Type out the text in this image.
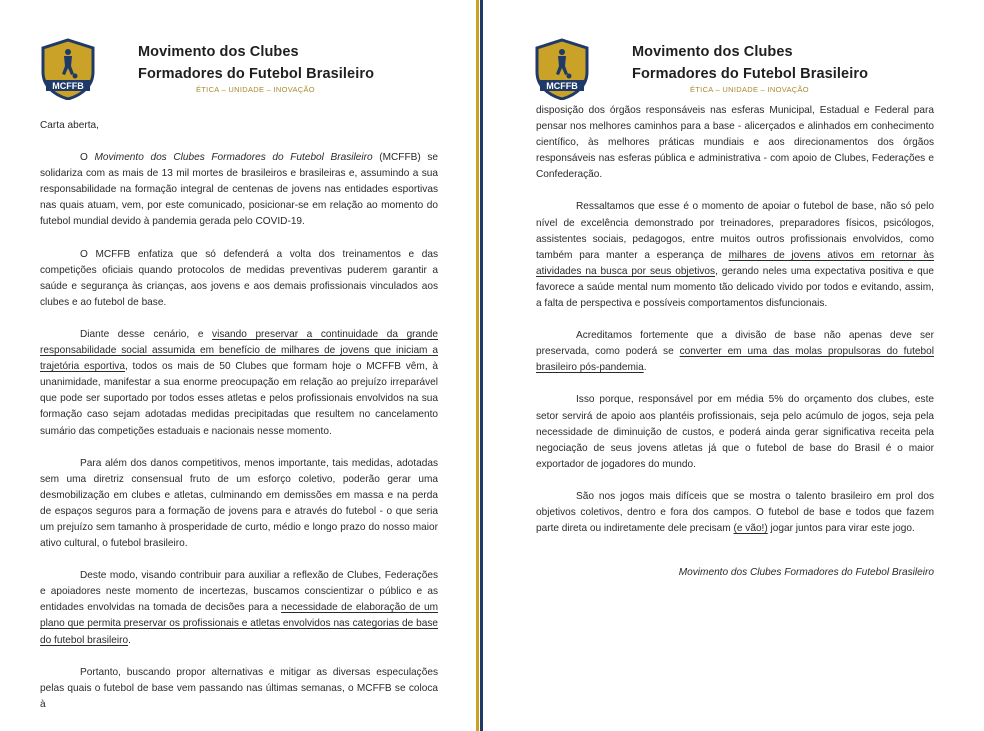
MCFFB
Movimento dos Clubes
Formadores do Futebol Brasileiro
ÉTICA – UNIDADE – INOVAÇÃO

Carta aberta,

O Movimento dos Clubes Formadores do Futebol Brasileiro (MCFFB) se solidariza com as mais de 13 mil mortes de brasileiros e brasileiras e, assumindo a sua responsabilidade na formação integral de centenas de jovens nas entidades esportivas nas quais atuam, vem, por este comunicado, posicionar-se em relação ao momento do futebol mundial devido à pandemia gerada pelo COVID-19.

O MCFFB enfatiza que só defenderá a volta dos treinamentos e das competições oficiais quando protocolos de medidas preventivas puderem garantir a saúde e segurança às crianças, aos jovens e aos demais profissionais vinculados aos clubes e ao futebol de base.

Diante desse cenário, e visando preservar a continuidade da grande responsabilidade social assumida em benefício de milhares de jovens que iniciam a trajetória esportiva, todos os mais de 50 Clubes que formam hoje o MCFFB vêm, à unanimidade, manifestar a sua enorme preocupação em relação ao prejuízo irreparável que pode ser suportado por todos esses atletas e pelos profissionais envolvidos na sua formação caso sejam adotadas medidas precipitadas que resultem no cancelamento sumário das competições estaduais e nacionais nesse momento.

Para além dos danos competitivos, menos importante, tais medidas, adotadas sem uma diretriz consensual fruto de um esforço coletivo, poderão gerar uma desmobilização em clubes e atletas, culminando em demissões em massa e na perda de espaços seguros para a formação de jovens para e através do futebol - o que seria um prejuízo sem tamanho à prosperidade de curto, médio e longo prazo do nosso maior ativo cultural, o futebol brasileiro.

Deste modo, visando contribuir para auxiliar a reflexão de Clubes, Federações e apoiadores neste momento de incertezas, buscamos conscientizar o público e as entidades envolvidas na tomada de decisões para a necessidade de elaboração de um plano que permita preservar os profissionais e atletas envolvidos nas categorias de base do futebol brasileiro.

Portanto, buscando propor alternativas e mitigar as diversas especulações pelas quais o futebol de base vem passando nas últimas semanas, o MCFFB se coloca à

MCFFB
Movimento dos Clubes
Formadores do Futebol Brasileiro
ÉTICA – UNIDADE – INOVAÇÃO

disposição dos órgãos responsáveis nas esferas Municipal, Estadual e Federal para pensar nos melhores caminhos para a base - alicerçados e alinhados em conhecimento científico, às melhores práticas mundiais e aos direcionamentos dos órgãos responsáveis nas esferas pública e administrativa - com apoio de Clubes, Federações e Confederação.

Ressaltamos que esse é o momento de apoiar o futebol de base, não só pelo nível de excelência demonstrado por treinadores, preparadores físicos, psicólogos, assistentes sociais, pedagogos, entre muitos outros profissionais envolvidos, como também para manter a esperança de milhares de jovens ativos em retornar às atividades na busca por seus objetivos, gerando neles uma expectativa positiva e que favorece a saúde mental num momento tão delicado vivido por todos e evitando, assim, a falta de perspectiva e possíveis comportamentos disfuncionais.

Acreditamos fortemente que a divisão de base não apenas deve ser preservada, como poderá se converter em uma das molas propulsoras do futebol brasileiro pós-pandemia.

Isso porque, responsável por em média 5% do orçamento dos clubes, este setor servirá de apoio aos plantéis profissionais, seja pelo acúmulo de jogos, seja pela necessidade de diminuição de custos, e poderá ainda gerar significativa receita pela negociação de seus jovens atletas já que o futebol de base do Brasil é o maior exportador de jogadores do mundo.

São nos jogos mais difíceis que se mostra o talento brasileiro em prol dos objetivos coletivos, dentro e fora dos campos. O futebol de base e todos que fazem parte direta ou indiretamente dele precisam (e vão!) jogar juntos para virar este jogo.

Movimento dos Clubes Formadores do Futebol Brasileiro
